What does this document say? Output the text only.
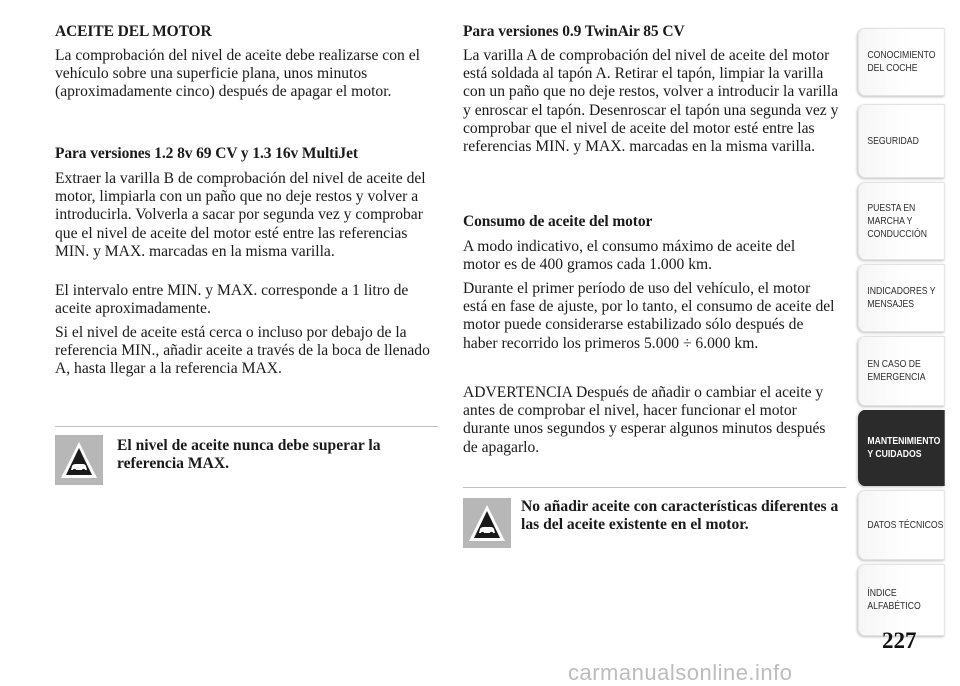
ACEITE DEL MOTOR

La comprobación del nivel de aceite debe realizarse con el vehículo sobre una superficie plana, unos minutos (aproximadamente cinco) después de apagar el motor.

Para versiones 1.2 8v 69 CV y 1.3 16v MultiJet

Extraer la varilla B de comprobación del nivel de aceite del motor, limpiarla con un paño que no deje restos y volver a introducirla. Volverla a sacar por segunda vez y comprobar que el nivel de aceite del motor esté entre las referencias MIN. y MAX. marcadas en la misma varilla.

El intervalo entre MIN. y MAX. corresponde a 1 litro de aceite aproximadamente.

Si el nivel de aceite está cerca o incluso por debajo de la referencia MIN., añadir aceite a través de la boca de llenado A, hasta llegar a la referencia MAX.

El nivel de aceite nunca debe superar la referencia MAX.
Para versiones 0.9 TwinAir 85 CV

La varilla A de comprobación del nivel de aceite del motor está soldada al tapón A. Retirar el tapón, limpiar la varilla con un paño que no deje restos, volver a introducir la varilla y enroscar el tapón. Desenroscar el tapón una segunda vez y comprobar que el nivel de aceite del motor esté entre las referencias MIN. y MAX. marcadas en la misma varilla.

Consumo de aceite del motor

A modo indicativo, el consumo máximo de aceite del motor es de 400 gramos cada 1.000 km.

Durante el primer período de uso del vehículo, el motor está en fase de ajuste, por lo tanto, el consumo de aceite del motor puede considerarse estabilizado sólo después de haber recorrido los primeros 5.000 ÷ 6.000 km.

ADVERTENCIA Después de añadir o cambiar el aceite y antes de comprobar el nivel, hacer funcionar el motor durante unos segundos y esperar algunos minutos después de apagarlo.

No añadir aceite con características diferentes a las del aceite existente en el motor.
CONOCIMIENTO
DEL COCHE
SEGURIDAD
PUESTA EN
MARCHA Y
CONDUCCIÓN
INDICADORES Y
MENSAJES
EN CASO DE
EMERGENCIA
MANTENIMIENTO
Y CUIDADOS
DATOS TÉCNICOS
ÍNDICE
ALFABÉTICO
227
carmanualsonline.info
